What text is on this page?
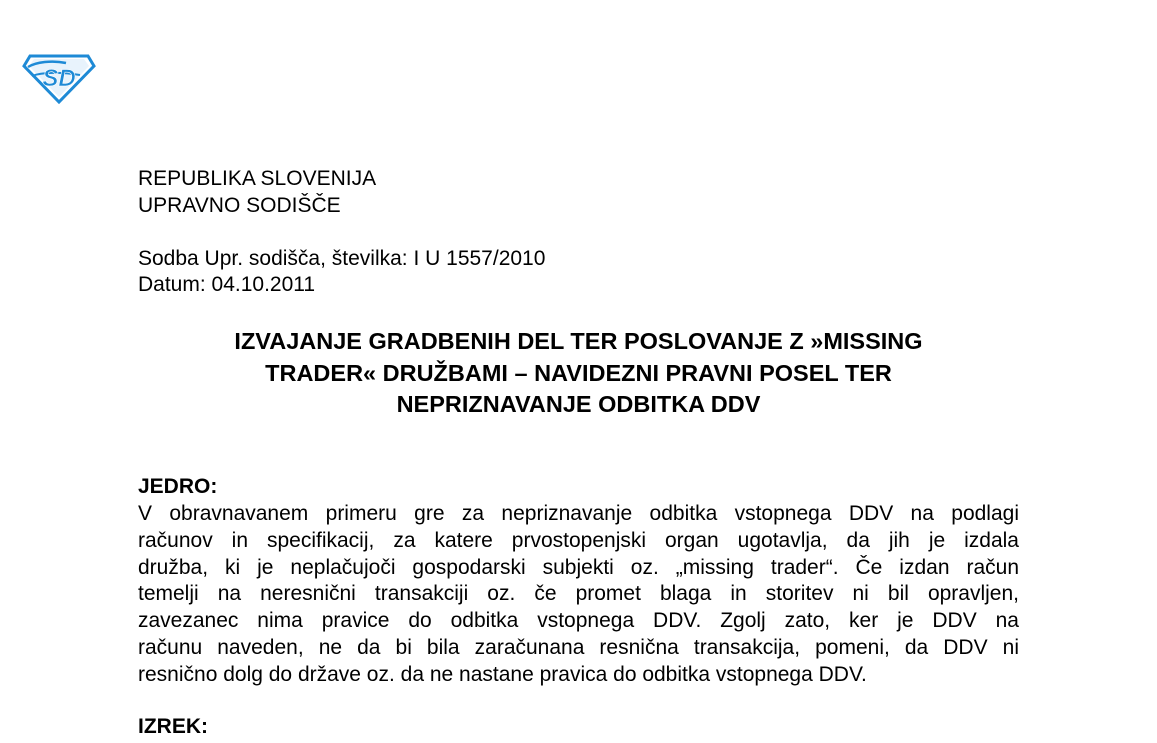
SD
REPUBLIKA SLOVENIJA
UPRAVNO SODIŠČE
Sodba Upr. sodišča, številka: I U 1557/2010
Datum: 04.10.2011
IZVAJANJE GRADBENIH DEL TER POSLOVANJE Z »MISSING
TRADER« DRUŽBAMI – NAVIDEZNI PRAVNI POSEL TER
NEPRIZNAVANJE ODBITKA DDV
JEDRO:
V obravnavanem primeru gre za nepriznavanje odbitka vstopnega DDV na podlagi
računov in specifikacij, za katere prvostopenjski organ ugotavlja, da jih je izdala
družba, ki je neplačujoči gospodarski subjekti oz. „missing trader“. Če izdan račun
temelji na neresnični transakciji oz. če promet blaga in storitev ni bil opravljen,
zavezanec nima pravice do odbitka vstopnega DDV. Zgolj zato, ker je DDV na
računu naveden, ne da bi bila zaračunana resnična transakcija, pomeni, da DDV ni
resnično dolg do države oz. da ne nastane pravica do odbitka vstopnega DDV.
IZREK:
